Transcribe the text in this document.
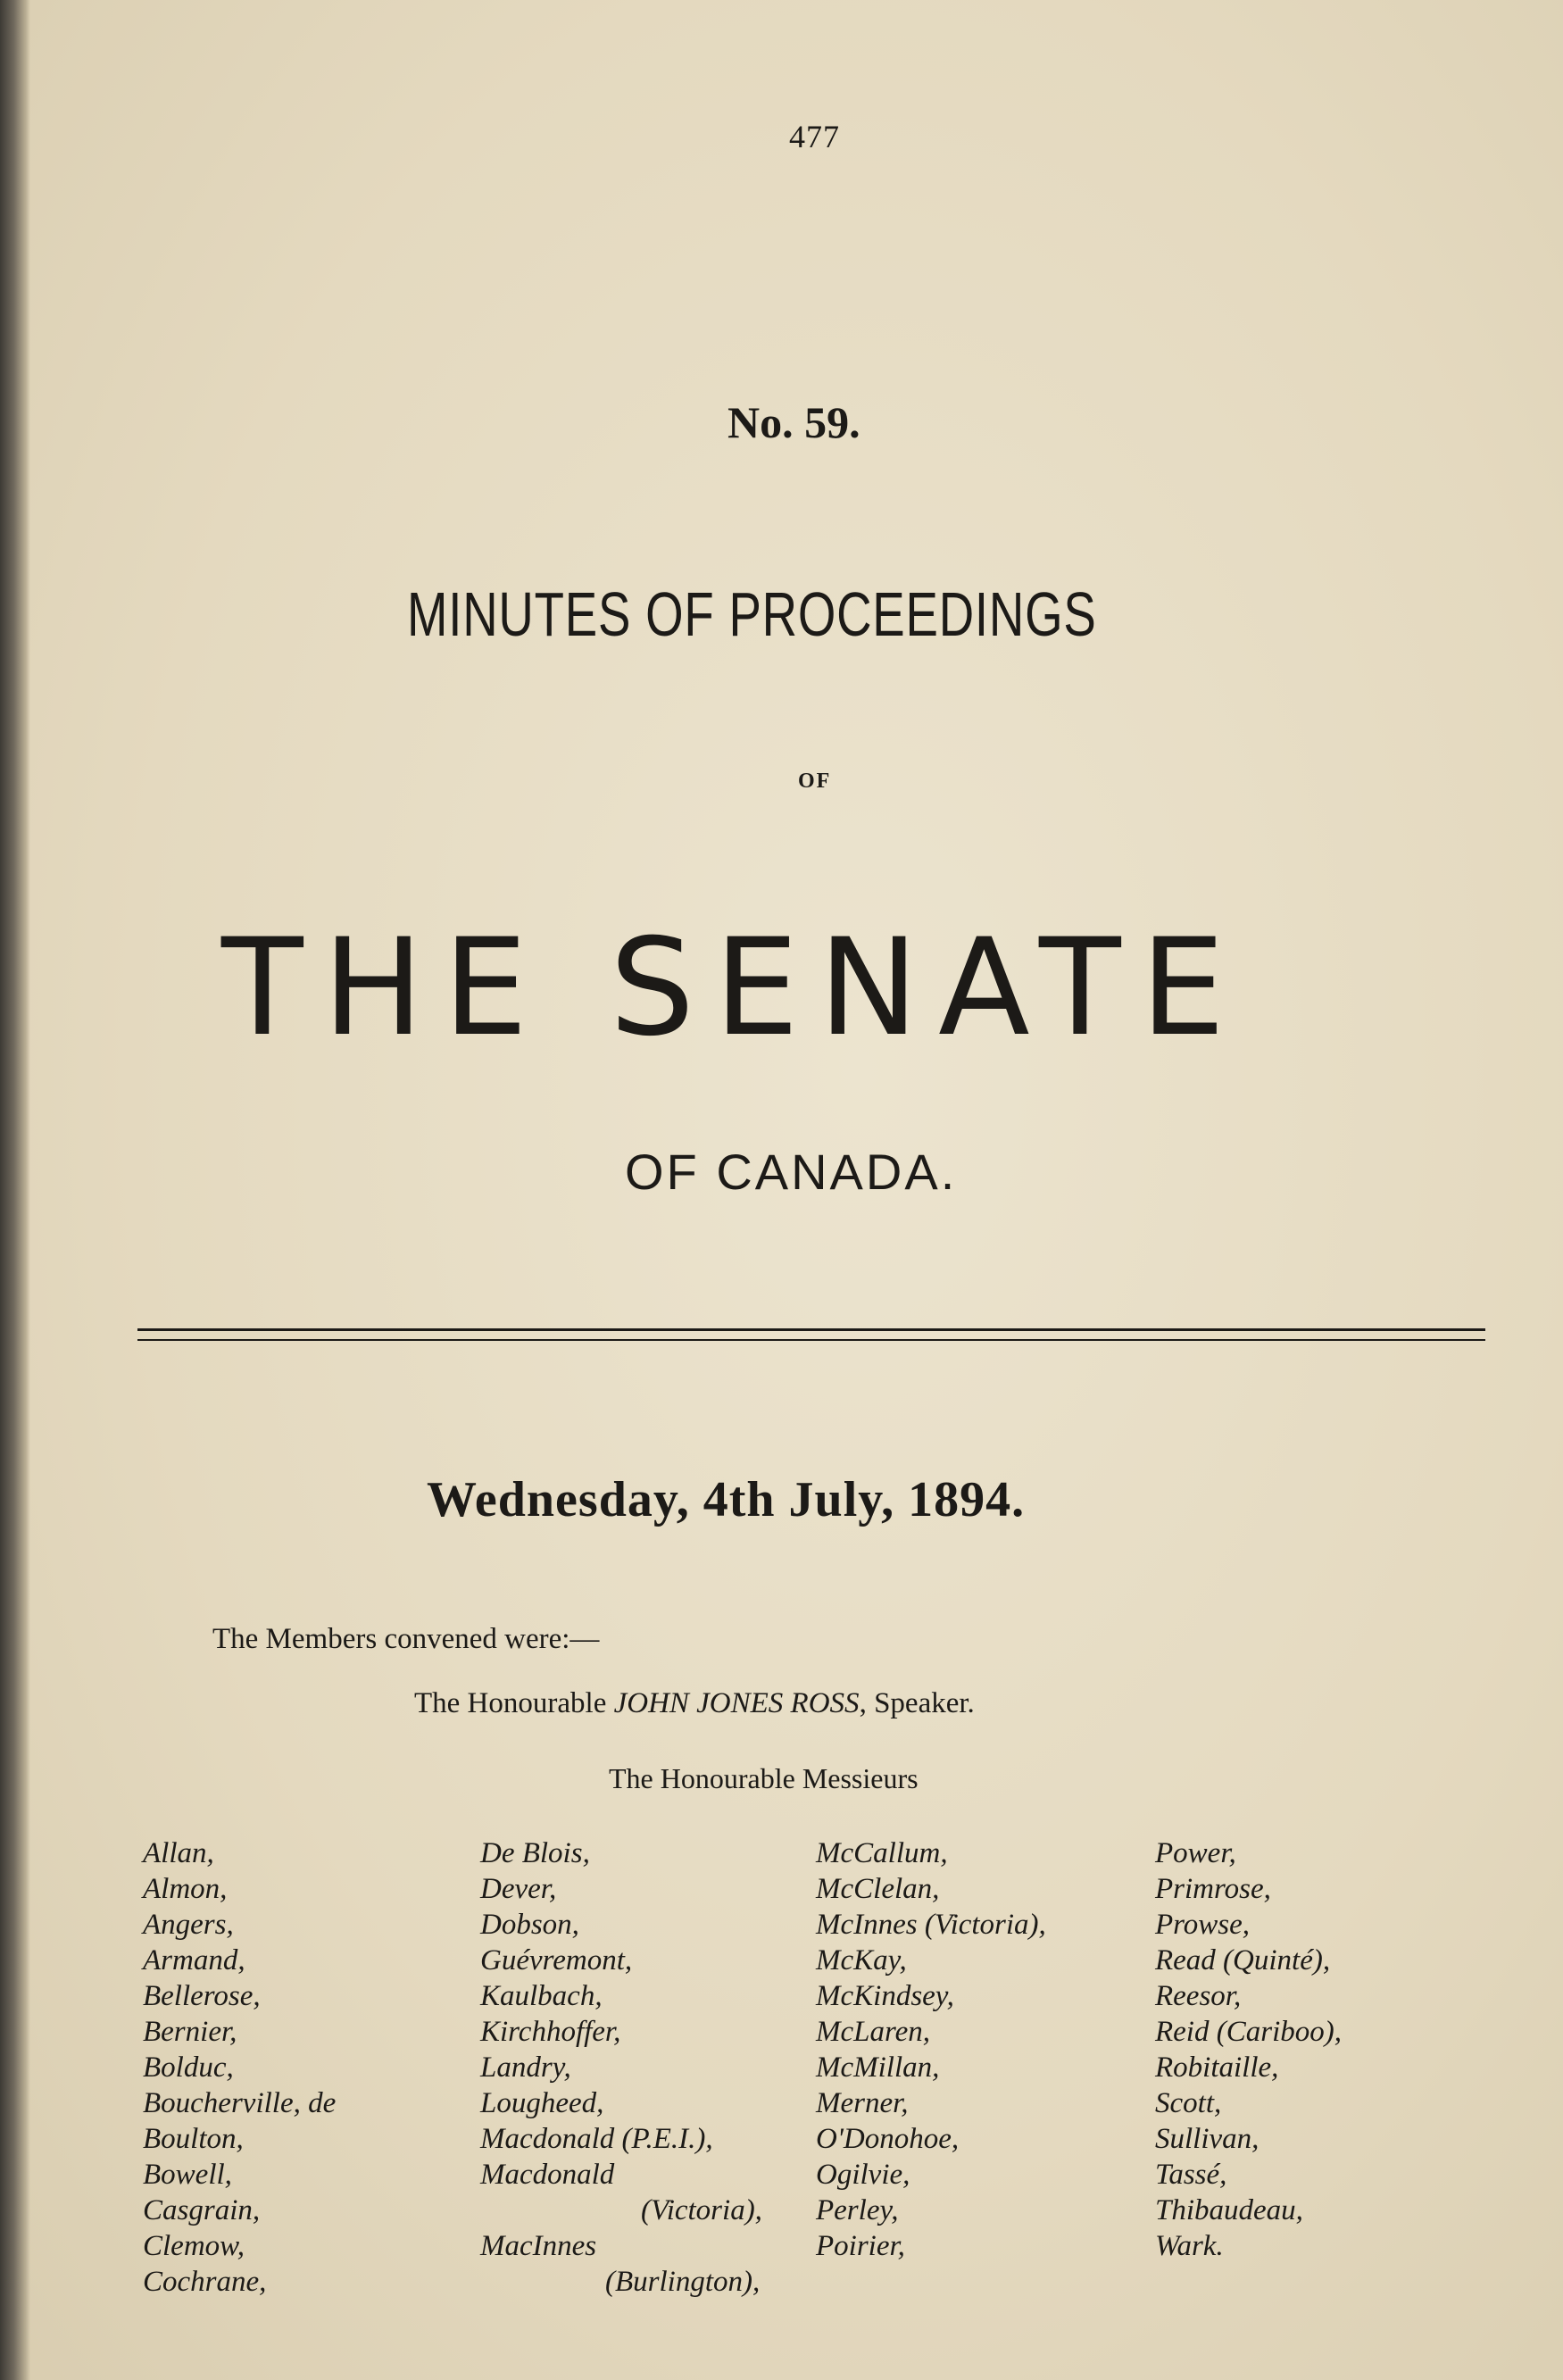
477
No. 59.
MINUTES OF PROCEEDINGS
OF
THE SENATE
OF CANADA.
Wednesday, 4th July, 1894.
The Members convened were:—
The Honourable JOHN JONES ROSS, Speaker.
The Honourable Messieurs
Allan,
Almon,
Angers,
Armand,
Bellerose,
Bernier,
Bolduc,
Boucherville, de
Boulton,
Bowell,
Casgrain,
Clemow,
Cochrane,
De Blois,
Dever,
Dobson,
Guévremont,
Kaulbach,
Kirchhoffer,
Landry,
Lougheed,
Macdonald (P.E.I.),
Macdonald
(Victoria),
MacInnes
(Burlington),
McCallum,
McClelan,
McInnes (Victoria),
McKay,
McKindsey,
McLaren,
McMillan,
Merner,
O'Donohoe,
Ogilvie,
Perley,
Poirier,
Power,
Primrose,
Prowse,
Read (Quinté),
Reesor,
Reid (Cariboo),
Robitaille,
Scott,
Sullivan,
Tassé,
Thibaudeau,
Wark.
